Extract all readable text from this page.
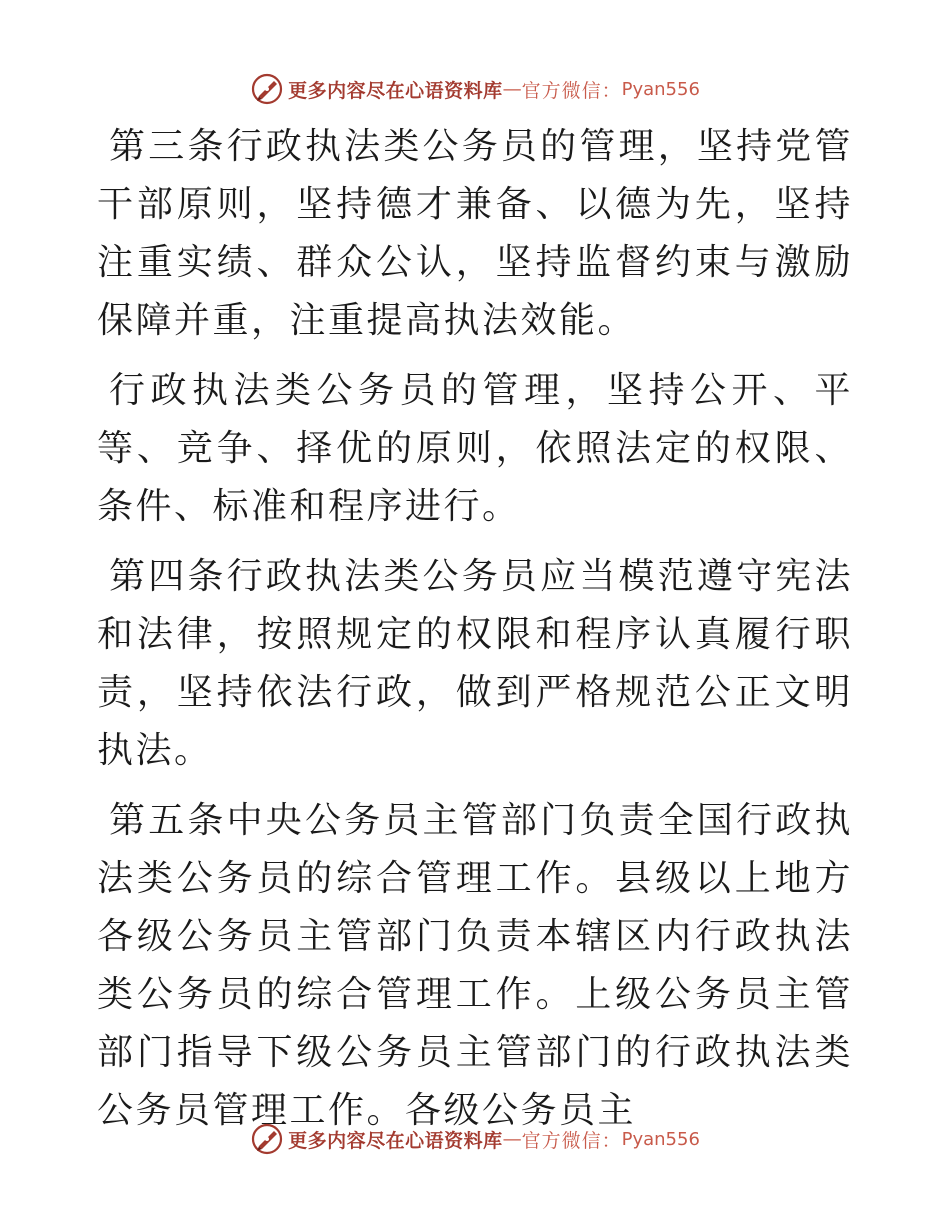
更多内容尽在心语资料库 — 官方微信： Pyan556

第三条行政执法类公务员的管理，坚持党管干部原则，坚持德才兼备、以德为先，坚持注重实绩、群众公认，坚持监督约束与激励保障并重，注重提高执法效能。

行政执法类公务员的管理，坚持公开、平等、竞争、择优的原则，依照法定的权限、条件、标准和程序进行。

第四条行政执法类公务员应当模范遵守宪法和法律，按照规定的权限和程序认真履行职责，坚持依法行政，做到严格规范公正文明执法。

第五条中央公务员主管部门负责全国行政执法类公务员的综合管理工作。县级以上地方各级公务员主管部门负责本辖区内行政执法类公务员的综合管理工作。上级公务员主管部门指导下级公务员主管部门的行政执法类公务员管理工作。各级公务员主

更多内容尽在心语资料库 — 官方微信： Pyan556
